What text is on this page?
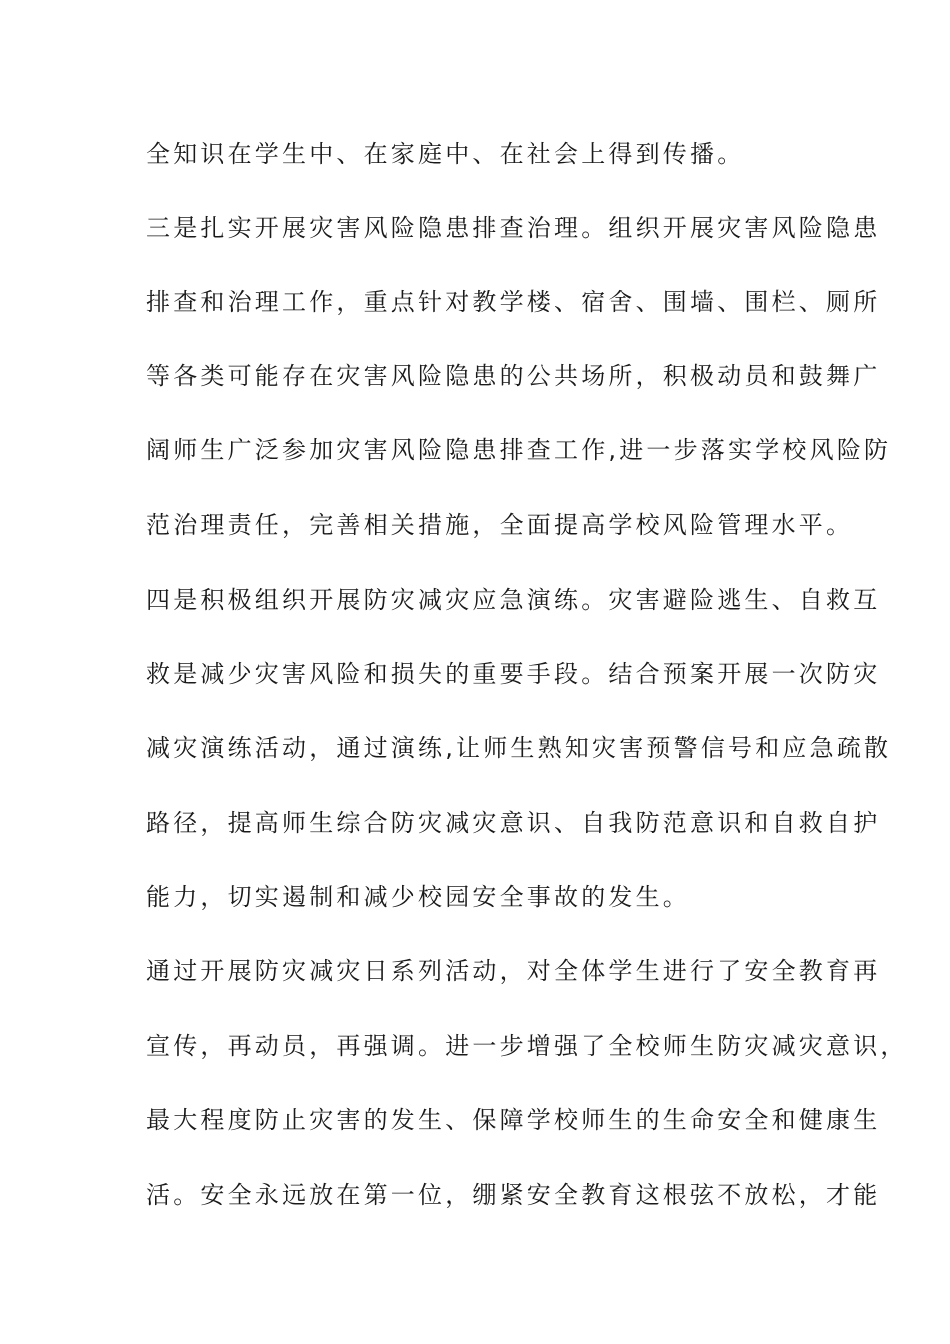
全知识在学生中、在家庭中、在社会上得到传播。
三是扎实开展灾害风险隐患排查治理。组织开展灾害风险隐患
排查和治理工作，重点针对教学楼、宿舍、围墙、围栏、厕所
等各类可能存在灾害风险隐患的公共场所，积极动员和鼓舞广
阔师生广泛参加灾害风险隐患排查工作,进一步落实学校风险防
范治理责任，完善相关措施，全面提高学校风险管理水平。
四是积极组织开展防灾减灾应急演练。灾害避险逃生、自救互
救是减少灾害风险和损失的重要手段。结合预案开展一次防灾
减灾演练活动，通过演练,让师生熟知灾害预警信号和应急疏散
路径，提高师生综合防灾减灾意识、自我防范意识和自救自护
能力，切实遏制和减少校园安全事故的发生。
通过开展防灾减灾日系列活动，对全体学生进行了安全教育再
宣传，再动员，再强调。进一步增强了全校师生防灾减灾意识，
最大程度防止灾害的发生、保障学校师生的生命安全和健康生
活。安全永远放在第一位，绷紧安全教育这根弦不放松，才能
